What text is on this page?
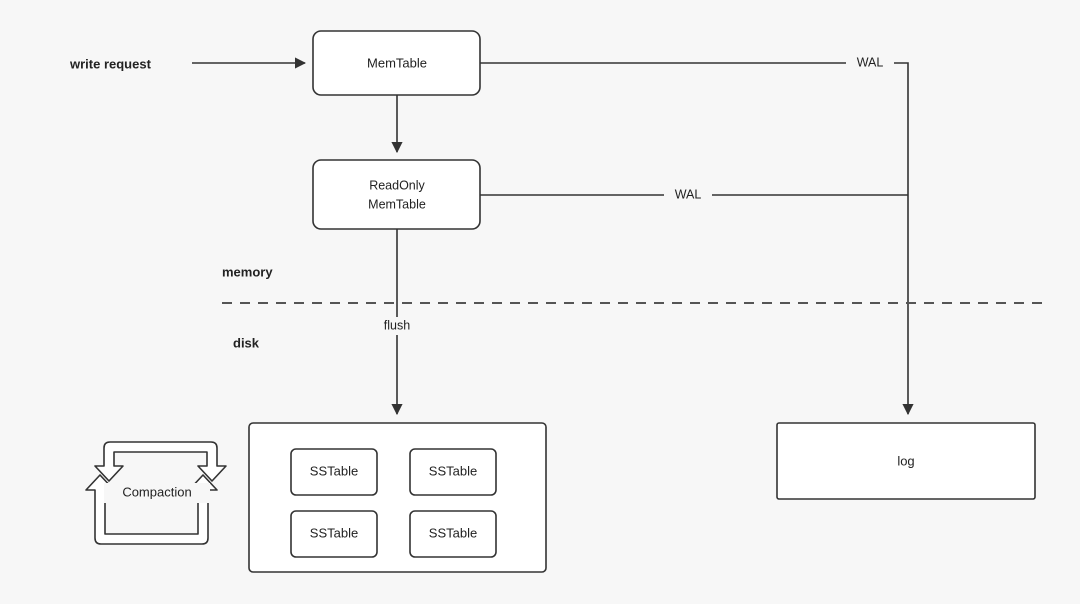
write request	MemTable	WAL
ReadOnly
MemTable
WAL
memory
disk
flush
SSTable	SSTable
SSTable	SSTable
Compaction
log
